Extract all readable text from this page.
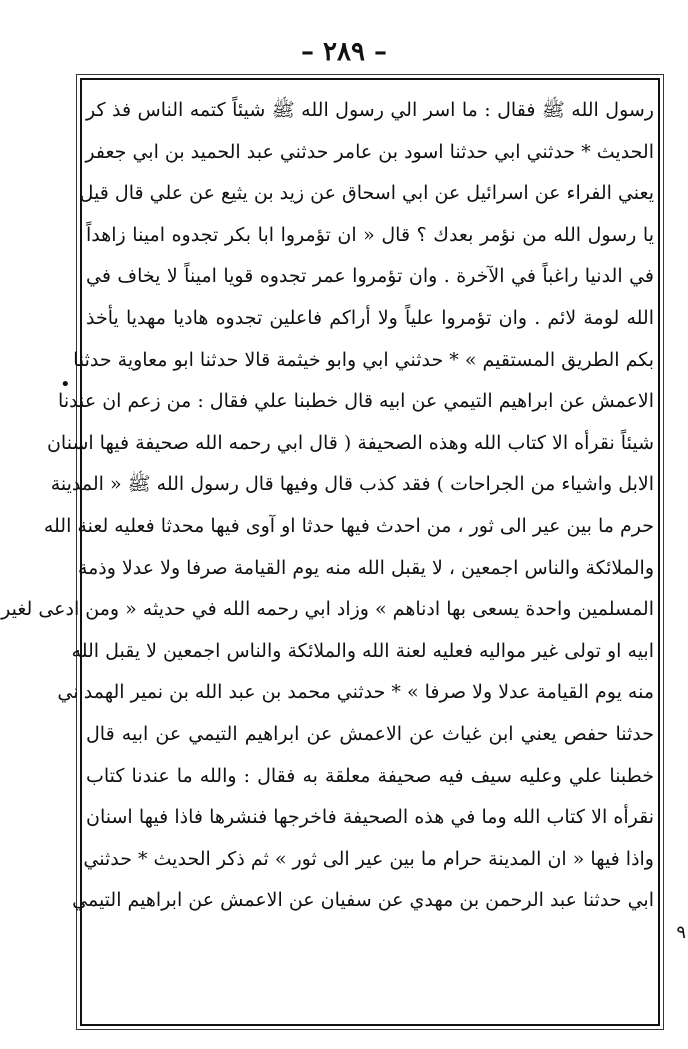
– ٢٨٩ –
رسول الله ﷺ فقال : ما اسر الي رسول الله ﷺ شيئاً كتمه الناس فذ كر
الحديث * حدثني ابي حدثنا اسود بن عامر حدثني عبد الحميد بن ابي جعفر
يعني الفراء عن اسرائيل عن ابي اسحاق عن زيد بن يثيع عن علي قال قيل
يا رسول الله من نؤمر بعدك ؟ قال « ان تؤمروا ابا بكر تجدوه امينا زاهداً
في الدنيا راغباً في الآخرة . وان تؤمروا عمر تجدوه قويا اميناً لا يخاف في
الله لومة لائم . وان تؤمروا علياً ولا أراكم فاعلين تجدوه هاديا مهديا يأخذ
بكم الطريق المستقيم » * حدثني ابي وابو خيثمة قالا حدثنا ابو معاوية حدثنا
الاعمش عن ابراهيم التيمي عن ابيه قال خطبنا علي فقال : من زعم ان عندنا
شيئاً نقرأه الا كتاب الله وهذه الصحيفة ( قال ابي رحمه الله صحيفة فيها اسنان
الابل واشياء من الجراحات ) فقد كذب قال وفيها قال رسول الله ﷺ « المدينة
حرم ما بين عير الى ثور ، من احدث فيها حدثا او آوى فيها محدثا فعليه لعنة الله
والملائكة والناس اجمعين ، لا يقبل الله منه يوم القيامة صرفا ولا عدلا وذمة
المسلمين واحدة يسعى بها ادناهم » وزاد ابي رحمه الله في حديثه « ومن ادعى لغير
ابيه او تولى غير مواليه فعليه لعنة الله والملائكة والناس اجمعين لا يقبل الله
منه يوم القيامة عدلا ولا صرفا » * حدثني محمد بن عبد الله بن نمير الهمداني
حدثنا حفص يعني ابن غياث عن الاعمش عن ابراهيم التيمي عن ابيه قال
خطبنا علي وعليه سيف فيه صحيفة معلقة به فقال : والله ما عندنا كتاب
نقرأه الا كتاب الله وما في هذه الصحيفة فاخرجها فنشرها فاذا فيها اسنان
واذا فيها « ان المدينة حرام ما بين عير الى ثور » ثم ذكر الحديث * حدثني
ابي حدثنا عبد الرحمن بن مهدي عن سفيان عن الاعمش عن ابراهيم التيمي
•
٩
